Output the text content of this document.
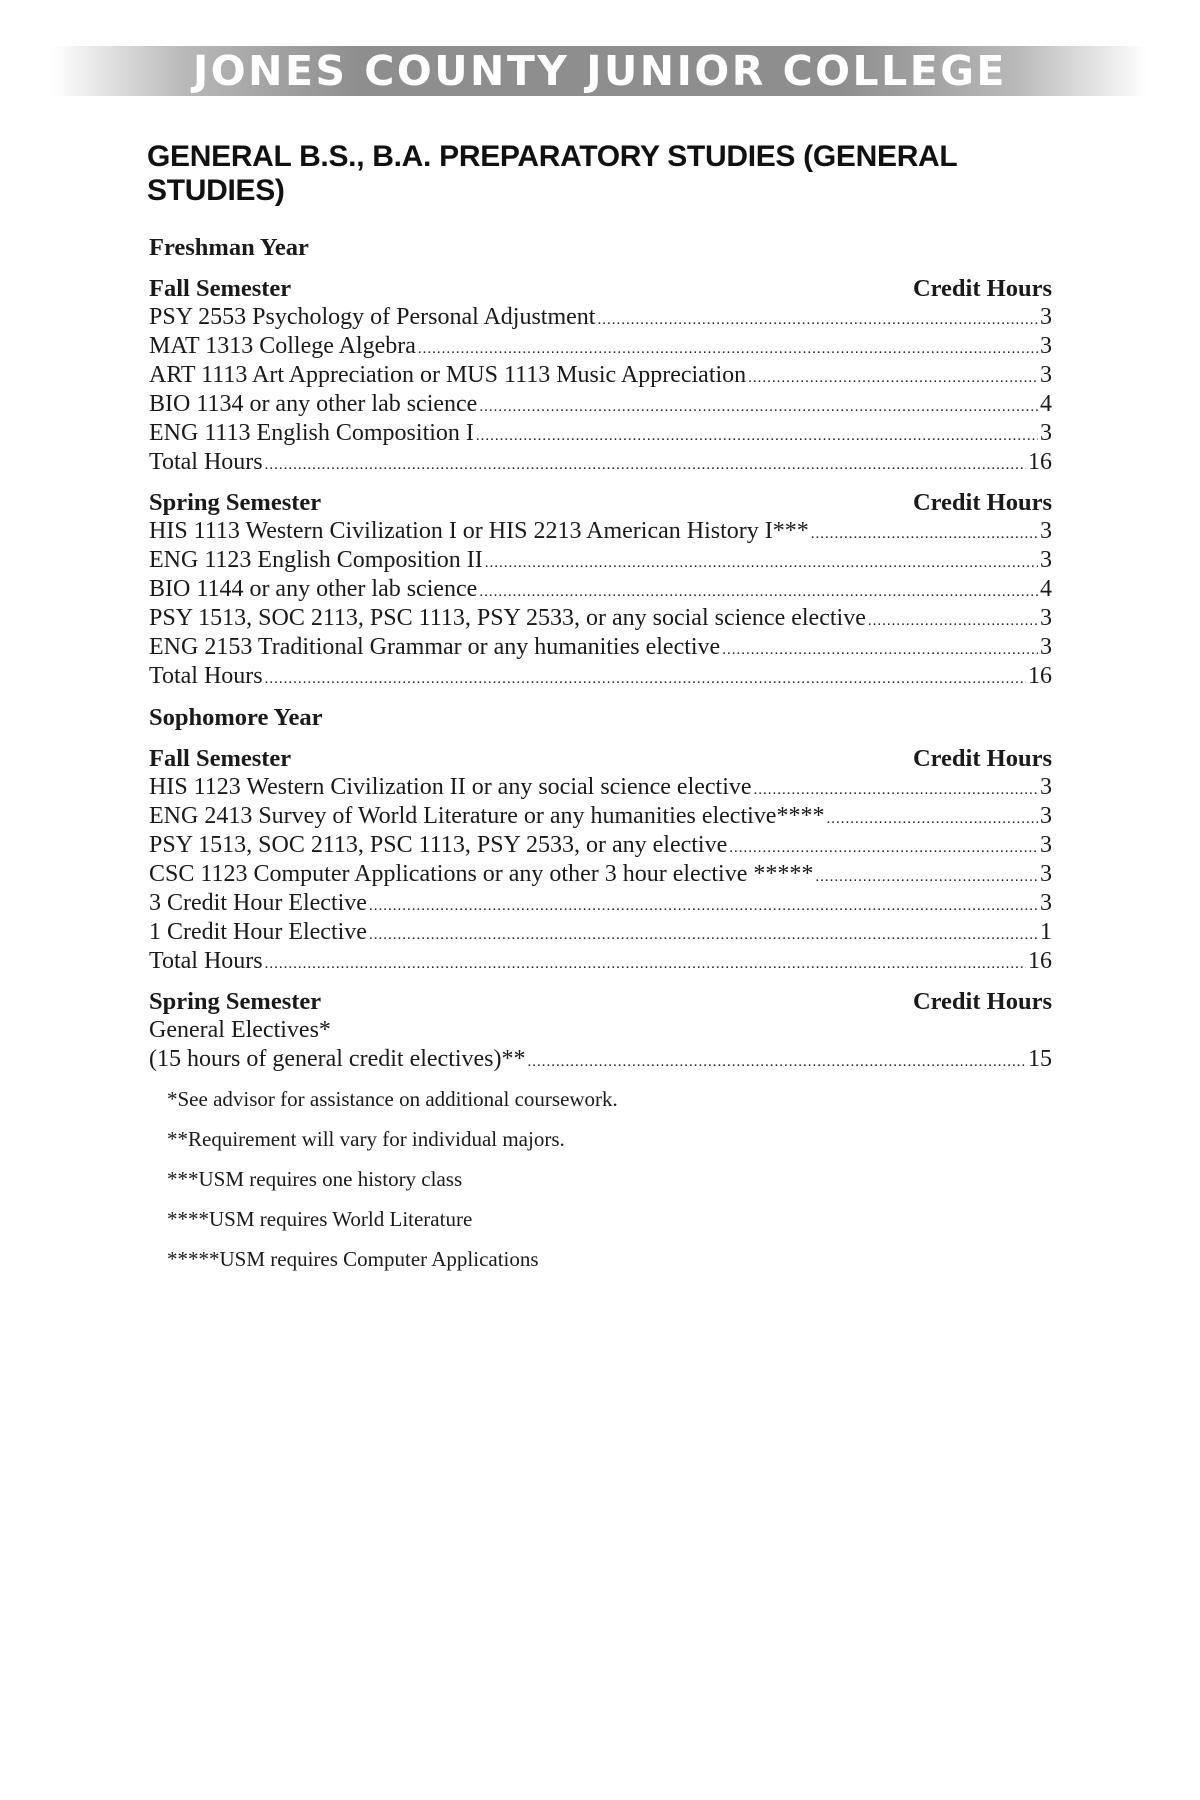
JONES COUNTY JUNIOR COLLEGE
GENERAL B.S., B.A. PREPARATORY STUDIES (GENERAL STUDIES)
Freshman Year
Fall Semester	Credit Hours
PSY 2553 Psychology of Personal Adjustment .....	3
MAT 1313 College Algebra .....	3
ART 1113 Art Appreciation or MUS 1113 Music Appreciation .....	3
BIO 1134 or any other lab science .....	4
ENG 1113 English Composition I .....	3
Total Hours .....	16
Spring Semester	Credit Hours
HIS 1113 Western Civilization I or HIS 2213 American History I*** .....	3
ENG 1123 English Composition II .....	3
BIO 1144 or any other lab science .....	4
PSY 1513, SOC 2113, PSC 1113, PSY 2533, or any social science elective .....	3
ENG 2153 Traditional Grammar or any humanities elective .....	3
Total Hours .....	16
Sophomore Year
Fall Semester	Credit Hours
HIS 1123 Western Civilization II or any social science elective .....	3
ENG 2413 Survey of World Literature or any humanities elective**** .....	3
PSY 1513, SOC 2113, PSC 1113, PSY 2533, or any elective .....	3
CSC 1123 Computer Applications or any other 3 hour elective ***** .....	3
3 Credit Hour Elective .....	3
1 Credit Hour Elective .....	1
Total Hours .....	16
Spring Semester	Credit Hours
General Electives*
(15 hours of general credit electives)** .....	15
*See advisor for assistance on additional coursework.
**Requirement will vary for individual majors.
***USM requires one history class
****USM requires World Literature
*****USM requires Computer Applications
